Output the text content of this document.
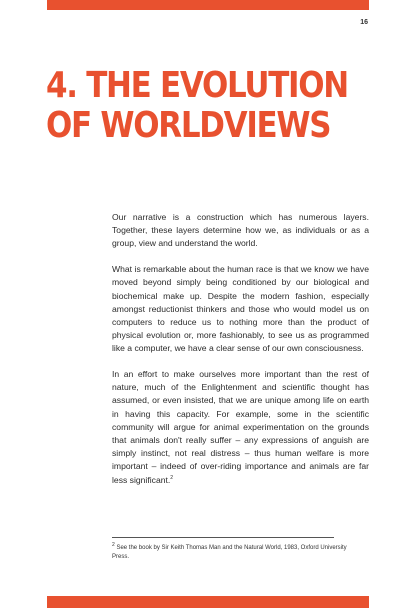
16
4. THE EVOLUTION
OF WORLDVIEWS

Our narrative is a construction which has numerous layers. Together, these layers determine how we, as individuals or as a group, view and understand the world.

What is remarkable about the human race is that we know we have moved beyond simply being conditioned by our biological and biochemical make up. Despite the modern fashion, especially amongst reductionist thinkers and those who would model us on computers to reduce us to nothing more than the product of physical evolution or, more fashionably, to see us as programmed like a computer, we have a clear sense of our own consciousness.

In an effort to make ourselves more important than the rest of nature, much of the Enlightenment and scientific thought has assumed, or even insisted, that we are unique among life on earth in having this capacity. For example, some in the scientific community will argue for animal experimentation on the grounds that animals don't really suffer – any expressions of anguish are simply instinct, not real distress – thus human welfare is more important – indeed of over-riding importance and animals are far less significant.$^2$

$^2$ See the book by Sir Keith Thomas Man and the Natural World, 1983, Oxford University Press.
